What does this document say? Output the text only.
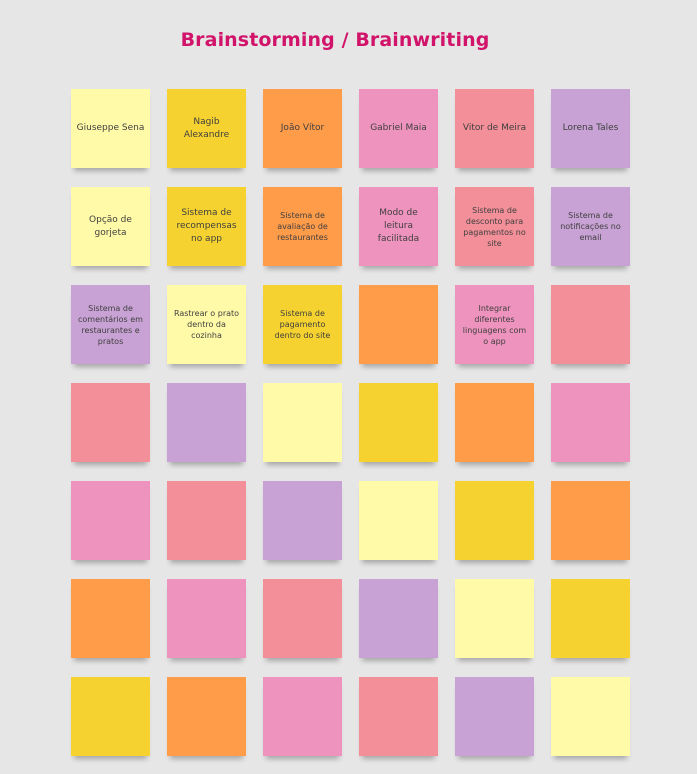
Brainstorming / Brainwriting
Giuseppe Sena
Nagib Alexandre
João Vítor	Gabriel Maia	Vitor de Meira	Lorena Tales
Opção de gorjeta
Sistema de recompensas no app
Sistema de avaliação de restaurantes
Modo de leitura facilitada
Sistema de desconto para pagamentos no site
Sistema de notificações no email
Sistema de comentários em restaurantes e pratos
Rastrear o prato dentro da cozinha
Sistema de pagamento dentro do site
Integrar diferentes linguagens com o app
